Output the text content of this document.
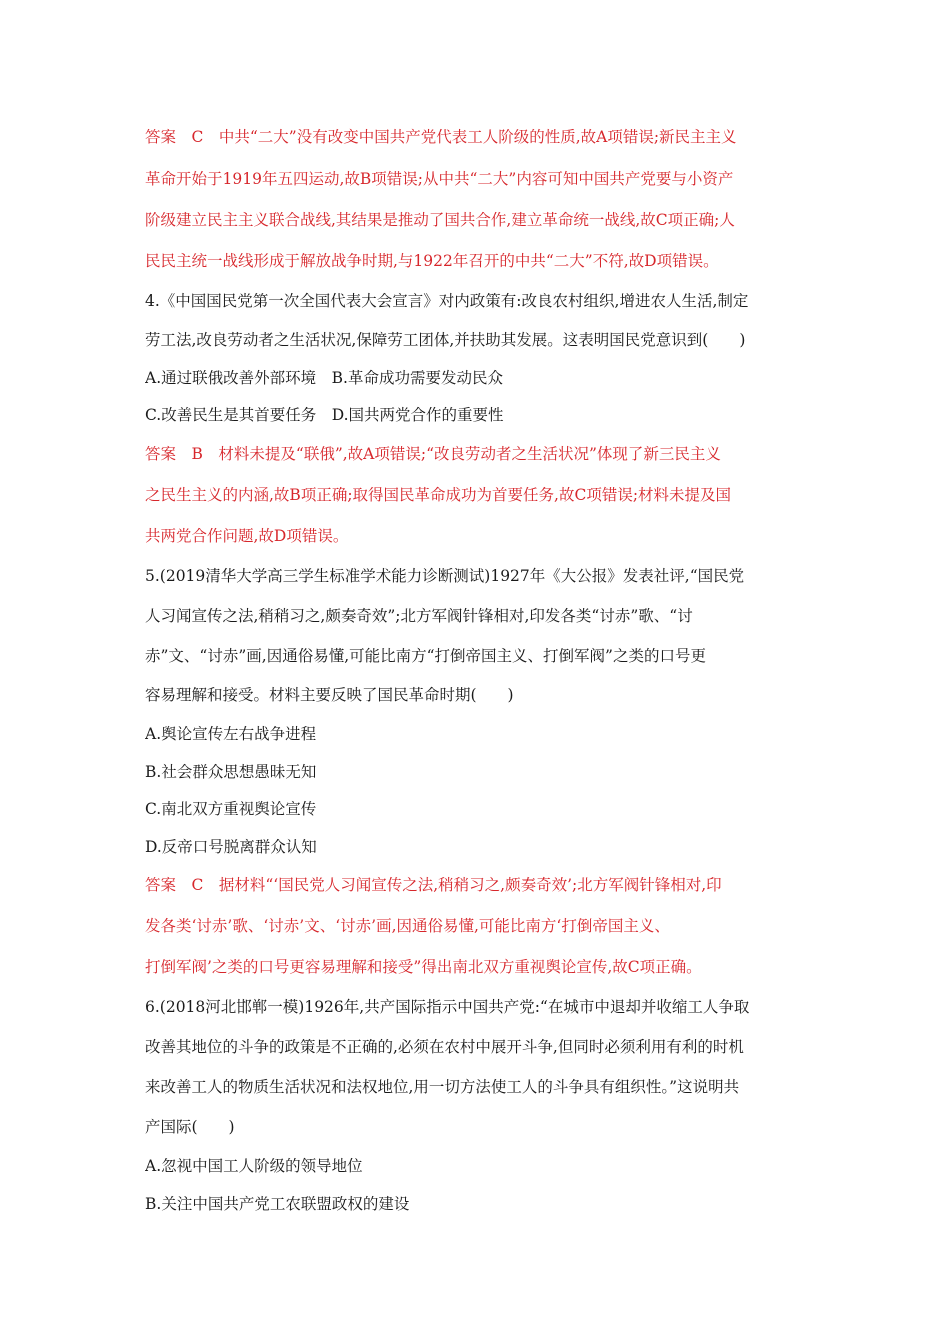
答案　C　中共“二大”没有改变中国共产党代表工人阶级的性质,故A项错误;新民主主义
革命开始于1919年五四运动,故B项错误;从中共“二大”内容可知中国共产党要与小资产
阶级建立民主主义联合战线,其结果是推动了国共合作,建立革命统一战线,故C项正确;人
民民主统一战线形成于解放战争时期,与1922年召开的中共“二大”不符,故D项错误。
4.《中国国民党第一次全国代表大会宣言》对内政策有:改良农村组织,增进农人生活,制定
劳工法,改良劳动者之生活状况,保障劳工团体,并扶助其发展。这表明国民党意识到(　　)
A.通过联俄改善外部环境　B.革命成功需要发动民众
C.改善民生是其首要任务　D.国共两党合作的重要性
答案　B　材料未提及“联俄”,故A项错误;“改良劳动者之生活状况”体现了新三民主义
之民生主义的内涵,故B项正确;取得国民革命成功为首要任务,故C项错误;材料未提及国
共两党合作问题,故D项错误。
5.(2019清华大学高三学生标准学术能力诊断测试)1927年《大公报》发表社评,“国民党
人习闻宣传之法,稍稍习之,颇奏奇效”;北方军阀针锋相对,印发各类“讨赤”歌、“讨
赤”文、“讨赤”画,因通俗易懂,可能比南方“打倒帝国主义、打倒军阀”之类的口号更
容易理解和接受。材料主要反映了国民革命时期(　　)
A.舆论宣传左右战争进程
B.社会群众思想愚昧无知
C.南北双方重视舆论宣传
D.反帝口号脱离群众认知
答案　C　据材料“‘国民党人习闻宣传之法,稍稍习之,颇奏奇效’;北方军阀针锋相对,印
发各类‘讨赤’歌、‘讨赤’文、‘讨赤’画,因通俗易懂,可能比南方‘打倒帝国主义、
打倒军阀’之类的口号更容易理解和接受”得出南北双方重视舆论宣传,故C项正确。
6.(2018河北邯郸一模)1926年,共产国际指示中国共产党:“在城市中退却并收缩工人争取
改善其地位的斗争的政策是不正确的,必须在农村中展开斗争,但同时必须利用有利的时机
来改善工人的物质生活状况和法权地位,用一切方法使工人的斗争具有组织性。”这说明共
产国际(　　)
A.忽视中国工人阶级的领导地位
B.关注中国共产党工农联盟政权的建设
